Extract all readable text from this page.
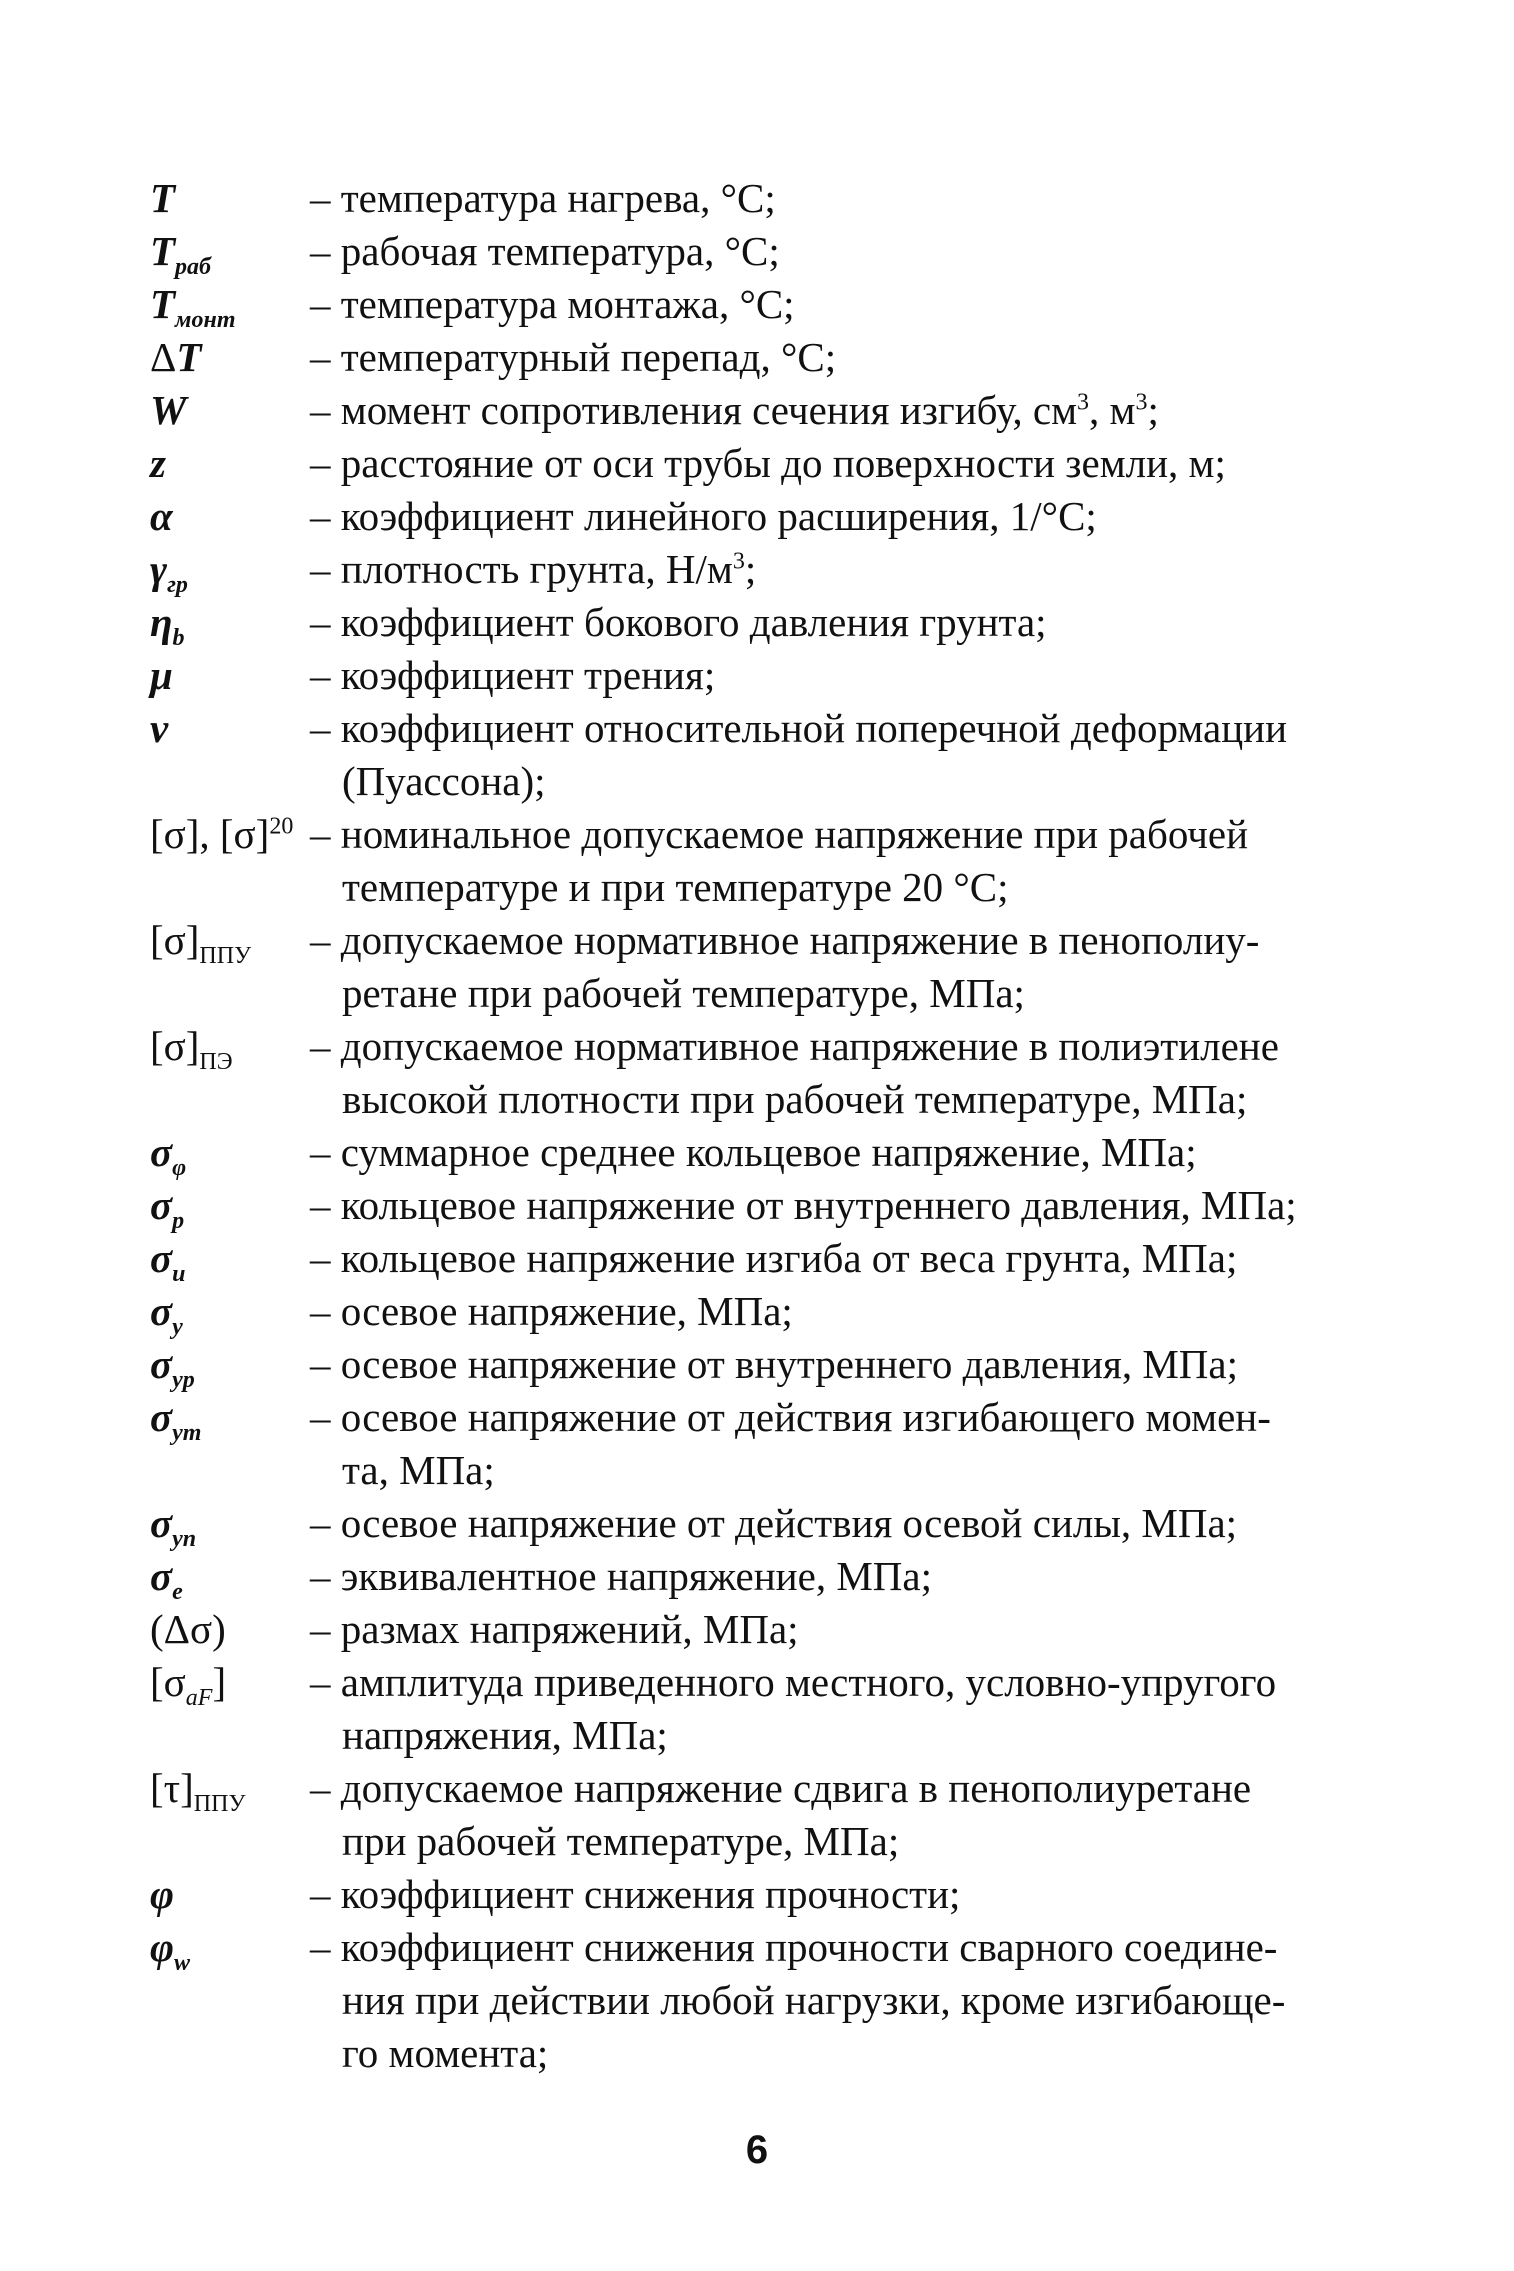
T	– температура нагрева, °С;
$T_{раб}$	– рабочая температура, °С;
$T_{монт}$	– температура монтажа, °С;
ΔT	– температурный перепад, °С;
W	– момент сопротивления сечения изгибу, $см^3$, $м^3$;
z	– расстояние от оси трубы до поверхности земли, м;
α	– коэффициент линейного расширения, 1/°С;
$\gamma_{гр}$	– плотность грунта, $Н/м^3$;
$\eta_b$	– коэффициент бокового давления грунта;
μ	– коэффициент трения;
ν	– коэффициент относительной поперечной деформации
(Пуассона);
[σ], $[\sigma]^{20}$ – номинальное допускаемое напряжение при рабочей
температуре и при температуре 20 °С;
$[\sigma]_{ППУ}$	– допускаемое нормативное напряжение в пенополиу-
ретане при рабочей температуре, МПа;
$[\sigma]_{ПЭ}$	– допускаемое нормативное напряжение в полиэтилене
высокой плотности при рабочей температуре, МПа;
$\sigma_\varphi$	– суммарное среднее кольцевое напряжение, МПа;
$\sigma_p$	– кольцевое напряжение от внутреннего давления, МПа;
$\sigma_и$	– кольцевое напряжение изгиба от веса грунта, МПа;
$\sigma_y$	– осевое напряжение, МПа;
$\sigma_{yp}$	– осевое напряжение от внутреннего давления, МПа;
$\sigma_{ym}$	– осевое напряжение от действия изгибающего момен-
та, МПа;
$\sigma_{yn}$	– осевое напряжение от действия осевой силы, МПа;
$\sigma_e$	– эквивалентное напряжение, МПа;
(Δσ)	– размах напряжений, МПа;
$[\sigma_{aF}]$	– амплитуда приведенного местного, условно-упругого
напряжения, МПа;
$[\tau]_{ППУ}$	– допускаемое напряжение сдвига в пенополиуретане
при рабочей температуре, МПа;
φ	– коэффициент снижения прочности;
$\varphi_w$	– коэффициент снижения прочности сварного соедине-
ния при действии любой нагрузки, кроме изгибающе-
го момента;
6
